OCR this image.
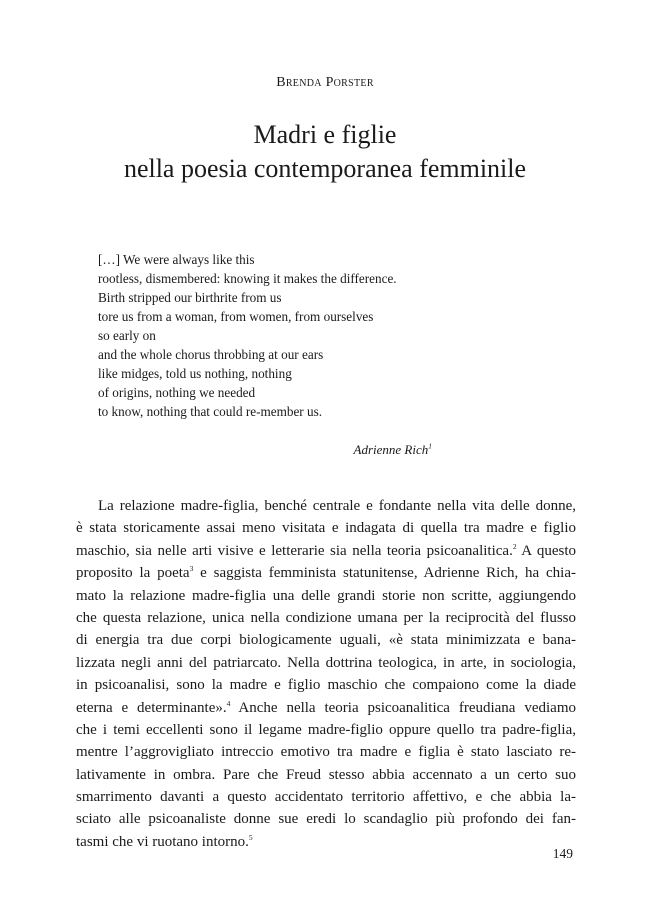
Brenda Porster
Madri e figlie
nella poesia contemporanea femminile
[…] We were always like this
rootless, dismembered: knowing it makes the difference.
Birth stripped our birthrite from us
tore us from a woman, from women, from ourselves
so early on
and the whole chorus throbbing at our ears
like midges, told us nothing, nothing
of origins, nothing we needed
to know, nothing that could re-member us.
Adrienne Rich$^1$
La relazione madre-figlia, benché centrale e fondante nella vita delle donne,
è stata storicamente assai meno visitata e indagata di quella tra madre e figlio
maschio, sia nelle arti visive e letterarie sia nella teoria psicoanalitica.$^2$ A questo
proposito la poeta$^3$ e saggista femminista statunitense, Adrienne Rich, ha chia-
mato la relazione madre-figlia una delle grandi storie non scritte, aggiungendo
che questa relazione, unica nella condizione umana per la reciprocità del flusso
di energia tra due corpi biologicamente uguali, «è stata minimizzata e bana-
lizzata negli anni del patriarcato. Nella dottrina teologica, in arte, in sociologia,
in psicoanalisi, sono la madre e figlio maschio che compaiono come la diade
eterna e determinante».$^4$ Anche nella teoria psicoanalitica freudiana vediamo
che i temi eccellenti sono il legame madre-figlio oppure quello tra padre-figlia,
mentre l’aggrovigliato intreccio emotivo tra madre e figlia è stato lasciato re-
lativamente in ombra. Pare che Freud stesso abbia accennato a un certo suo
smarrimento davanti a questo accidentato territorio affettivo, e che abbia la-
sciato alle psicoanaliste donne sue eredi lo scandaglio più profondo dei fan-
tasmi che vi ruotano intorno.$^5$
149
